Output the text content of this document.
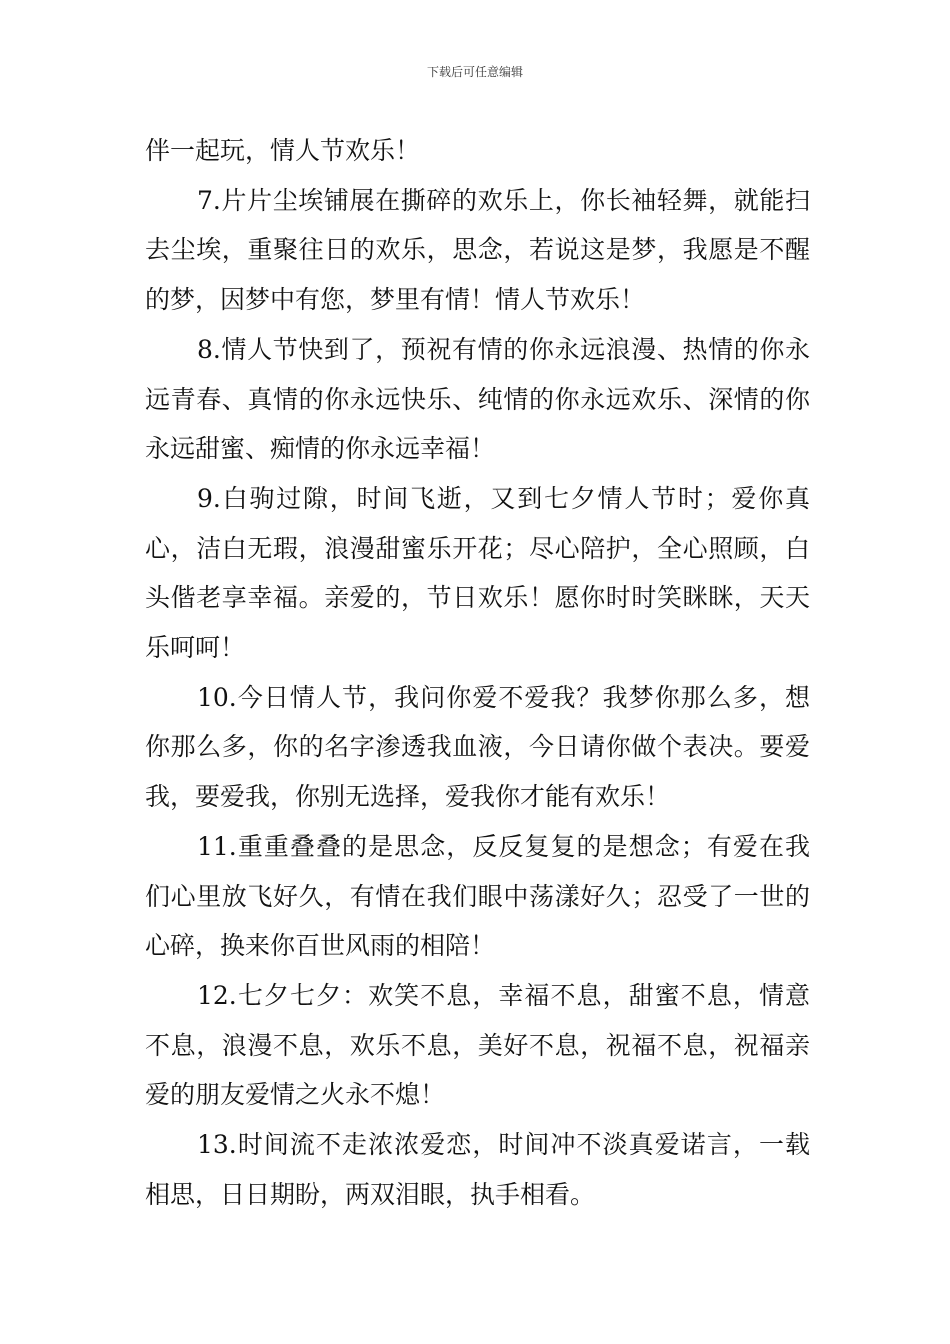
下载后可任意编辑

伴一起玩，情人节欢乐！

7.片片尘埃铺展在撕碎的欢乐上，你长袖轻舞，就能扫去尘埃，重聚往日的欢乐，思念，若说这是梦，我愿是不醒的梦，因梦中有您，梦里有情！情人节欢乐！

8.情人节快到了，预祝有情的你永远浪漫、热情的你永远青春、真情的你永远快乐、纯情的你永远欢乐、深情的你永远甜蜜、痴情的你永远幸福！

9.白驹过隙，时间飞逝，又到七夕情人节时；爱你真心，洁白无瑕，浪漫甜蜜乐开花；尽心陪护，全心照顾，白头偕老享幸福。亲爱的，节日欢乐！愿你时时笑眯眯，天天乐呵呵！

10.今日情人节，我问你爱不爱我？我梦你那么多，想你那么多，你的名字渗透我血液，今日请你做个表决。要爱我，要爱我，你别无选择，爱我你才能有欢乐！

11.重重叠叠的是思念，反反复复的是想念；有爱在我们心里放飞好久，有情在我们眼中荡漾好久；忍受了一世的心碎，换来你百世风雨的相陪！

12.七夕七夕：欢笑不息，幸福不息，甜蜜不息，情意不息，浪漫不息，欢乐不息，美好不息，祝福不息，祝福亲爱的朋友爱情之火永不熄！

13.时间流不走浓浓爱恋，时间冲不淡真爱诺言，一载相思，日日期盼，两双泪眼，执手相看。
